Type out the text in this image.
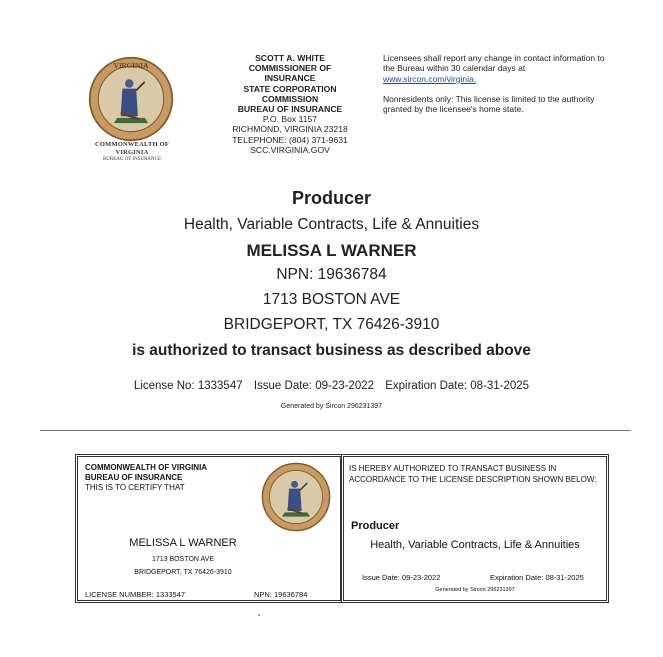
VIRGINIA
COMMONWEALTH OF
VIRGINIA
BUREAU OF INSURANCE
SCOTT A. WHITE
COMMISSIONER OF INSURANCE
STATE CORPORATION
COMMISSION
BUREAU OF INSURANCE
P.O. Box 1157
RICHMOND, VIRGINIA 23218
TELEPHONE: (804) 371-9631
SCC.VIRGINIA.GOV

Licensees shall report any change in contact information to the Bureau within 30 calendar days at www.sircon.com/virginia.

Nonresidents only: This license is limited to the authority granted by the licensee's home state.

Producer
Health, Variable Contracts, Life & Annuities
MELISSA L WARNER
NPN: 19636784
1713 BOSTON AVE
BRIDGEPORT, TX 76426-3910
is authorized to transact business as described above
License No: 1333547 Issue Date: 09-23-2022 Expiration Date: 08-31-2025
Generated by Sircon 296231397
COMMONWEALTH OF VIRGINIA
BUREAU OF INSURANCE
THIS IS TO CERTIFY THAT
MELISSA L WARNER
1713 BOSTON AVE
BRIDGEPORT, TX 76426-3910
LICENSE NUMBER: 1333547	NPN: 19636784
IS HEREBY AUTHORIZED TO TRANSACT BUSINESS IN ACCORDANCE TO THE LICENSE DESCRIPTION SHOWN BELOW:
Producer
Health, Variable Contracts, Life & Annuities
Issue Date: 09-23-2022	Expiration Date: 08-31-2025
Generated by Sircon 296231397
